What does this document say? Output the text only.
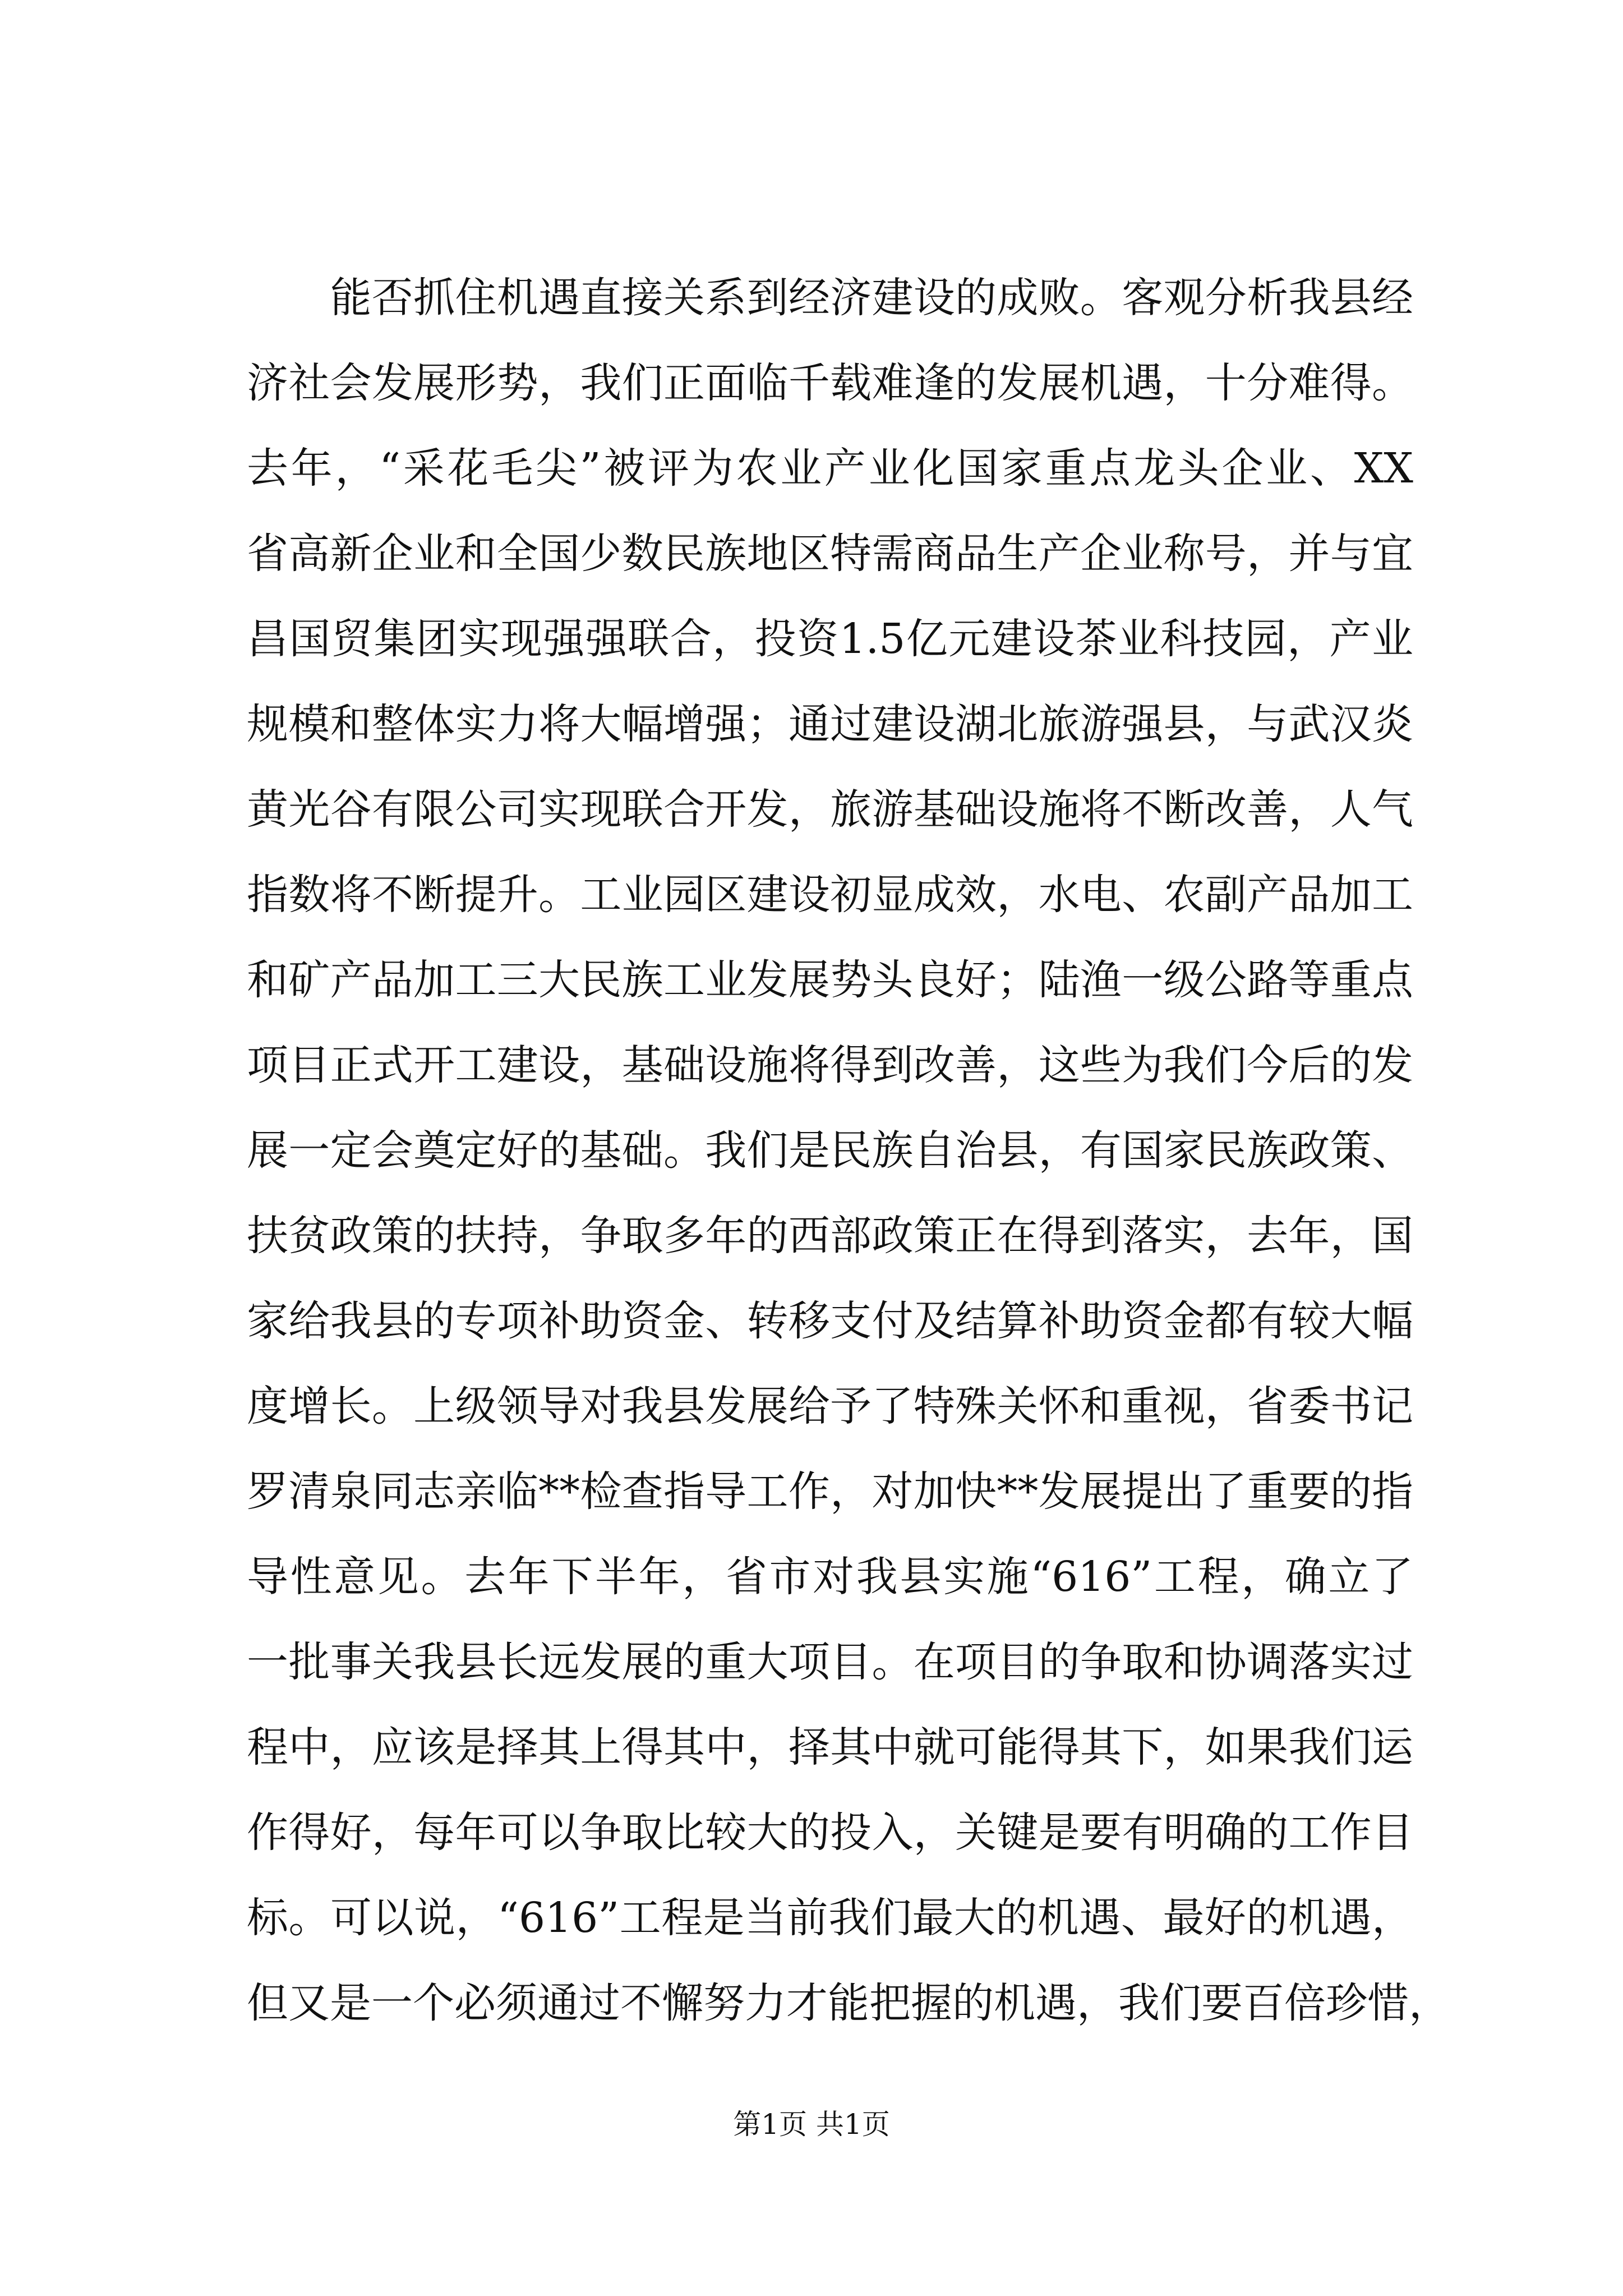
　　能否抓住机遇直接关系到经济建设的成败。客观分析我县经
济社会发展形势，我们正面临千载难逢的发展机遇，十分难得。
去年，“采花毛尖”被评为农业产业化国家重点龙头企业、XX
省高新企业和全国少数民族地区特需商品生产企业称号，并与宜
昌国贸集团实现强强联合，投资1.5亿元建设茶业科技园，产业
规模和整体实力将大幅增强；通过建设湖北旅游强县，与武汉炎
黄光谷有限公司实现联合开发，旅游基础设施将不断改善，人气
指数将不断提升。工业园区建设初显成效，水电、农副产品加工
和矿产品加工三大民族工业发展势头良好；陆渔一级公路等重点
项目正式开工建设，基础设施将得到改善，这些为我们今后的发
展一定会奠定好的基础。我们是民族自治县，有国家民族政策、
扶贫政策的扶持，争取多年的西部政策正在得到落实，去年，国
家给我县的专项补助资金、转移支付及结算补助资金都有较大幅
度增长。上级领导对我县发展给予了特殊关怀和重视，省委书记
罗清泉同志亲临**检查指导工作，对加快**发展提出了重要的指
导性意见。去年下半年，省市对我县实施“616”工程，确立了
一批事关我县长远发展的重大项目。在项目的争取和协调落实过
程中，应该是择其上得其中，择其中就可能得其下，如果我们运
作得好，每年可以争取比较大的投入，关键是要有明确的工作目
标。可以说，“616”工程是当前我们最大的机遇、最好的机遇，
但又是一个必须通过不懈努力才能把握的机遇，我们要百倍珍惜，
第1页 共1页
